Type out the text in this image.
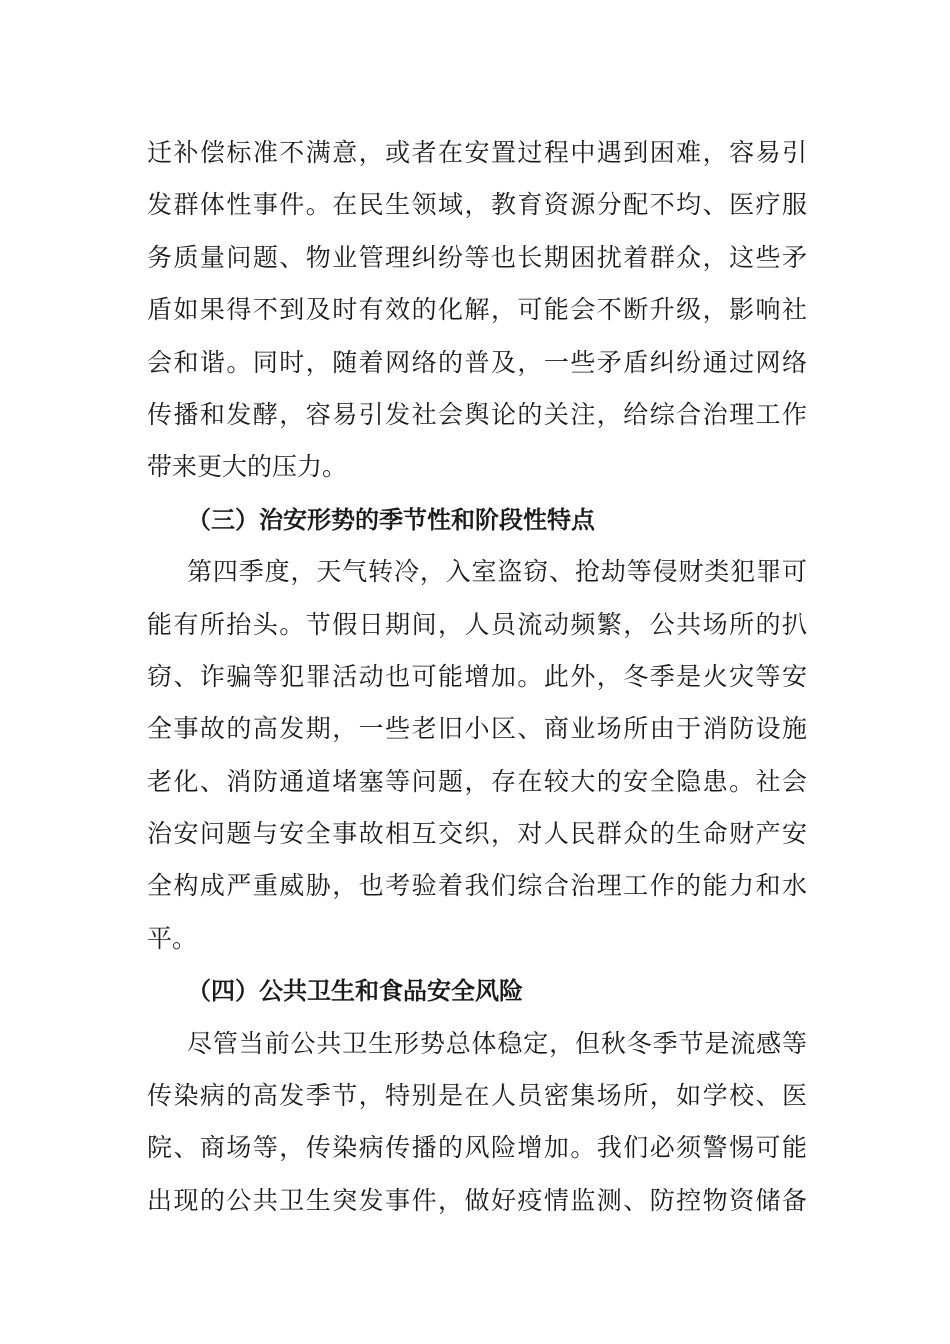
迁补偿标准不满意，或者在安置过程中遇到困难，容易引
发群体性事件。在民生领域，教育资源分配不均、医疗服
务质量问题、物业管理纠纷等也长期困扰着群众，这些矛
盾如果得不到及时有效的化解，可能会不断升级，影响社
会和谐。同时，随着网络的普及，一些矛盾纠纷通过网络
传播和发酵，容易引发社会舆论的关注，给综合治理工作
带来更大的压力。
（三）治安形势的季节性和阶段性特点
第四季度，天气转冷，入室盗窃、抢劫等侵财类犯罪可
能有所抬头。节假日期间，人员流动频繁，公共场所的扒
窃、诈骗等犯罪活动也可能增加。此外，冬季是火灾等安
全事故的高发期，一些老旧小区、商业场所由于消防设施
老化、消防通道堵塞等问题，存在较大的安全隐患。社会
治安问题与安全事故相互交织，对人民群众的生命财产安
全构成严重威胁，也考验着我们综合治理工作的能力和水
平。
（四）公共卫生和食品安全风险
尽管当前公共卫生形势总体稳定，但秋冬季节是流感等
传染病的高发季节，特别是在人员密集场所，如学校、医
院、商场等，传染病传播的风险增加。我们必须警惕可能
出现的公共卫生突发事件，做好疫情监测、防控物资储备
